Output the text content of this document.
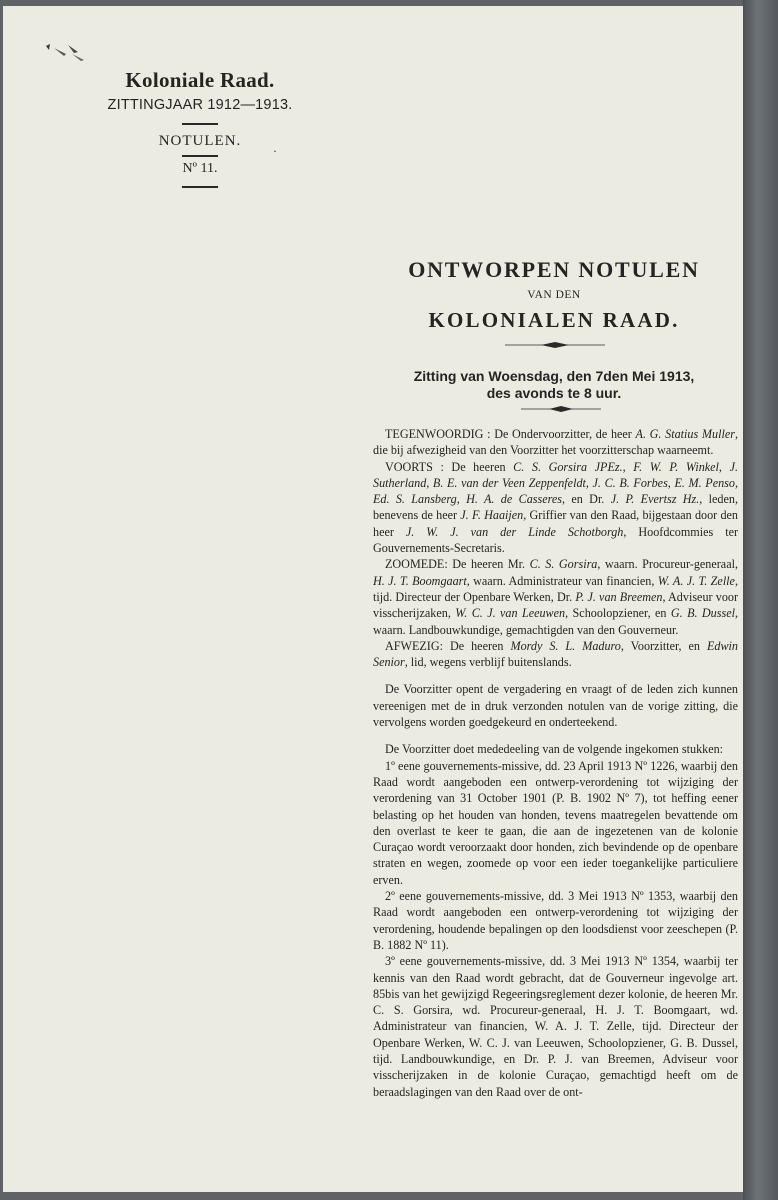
Koloniale Raad.
ZITTINGJAAR 1912—1913.
NOTULEN.
·
Nº 11.
ONTWORPEN NOTULEN
VAN DEN
KOLONIALEN RAAD.
Zitting van Woensdag, den 7den Mei 1913,
des avonds te 8 uur.

TEGENWOORDIG : De Ondervoorzitter, de heer A. G. Statius Muller, die bij afwezigheid van den Voorzitter het voorzitterschap waarneemt.

VOORTS : De heeren C. S. Gorsira JPEz., F. W. P. Winkel, J. Sutherland, B. E. van der Veen Zeppenfeldt, J. C. B. Forbes, E. M. Penso, Ed. S. Lansberg, H. A. de Casseres, en Dr. J. P. Evertsz Hz., leden, benevens de heer J. F. Haaijen, Griffier van den Raad, bijgestaan door den heer J. W. J. van der Linde Schotborgh, Hoofdcommies ter Gouvernements-Secretaris.

ZOOMEDE: De heeren Mr. C. S. Gorsira, waarn. Procureur-generaal, H. J. T. Boomgaart, waarn. Administrateur van financien, W. A. J. T. Zelle, tijd. Directeur der Openbare Werken, Dr. P. J. van Breemen, Adviseur voor visscherijzaken, W. C. J. van Leeuwen, Schoolopziener, en G. B. Dussel, waarn. Landbouwkundige, gemachtigden van den Gouverneur.

AFWEZIG: De heeren Mordy S. L. Maduro, Voorzitter, en Edwin Senior, lid, wegens verblijf buitenslands.

De Voorzitter opent de vergadering en vraagt of de leden zich kunnen vereenigen met de in druk verzonden notulen van de vorige zitting, die vervolgens worden goedgekeurd en onderteekend.

De Voorzitter doet mededeeling van de volgende ingekomen stukken:

1º eene gouvernements-missive, dd. 23 April 1913 Nº 1226, waarbij den Raad wordt aangeboden een ontwerp-verordening tot wijziging der verordening van 31 October 1901 (P. B. 1902 Nº 7), tot heffing eener belasting op het houden van honden, tevens maatregelen bevattende om den overlast te keer te gaan, die aan de ingezetenen van de kolonie Curaçao wordt veroorzaakt door honden, zich bevindende op de openbare straten en wegen, zoomede op voor een ieder toegankelijke particuliere erven.

2º eene gouvernements-missive, dd. 3 Mei 1913 Nº 1353, waarbij den Raad wordt aangeboden een ontwerp-verordening tot wijziging der verordening, houdende bepalingen op den loodsdienst voor zeeschepen (P. B. 1882 Nº 11).

3º eene gouvernements-missive, dd. 3 Mei 1913 Nº 1354, waarbij ter kennis van den Raad wordt gebracht, dat de Gouverneur ingevolge art. 85bis van het gewijzigd Regeeringsreglement dezer kolonie, de heeren Mr. C. S. Gorsira, wd. Procureur-generaal, H. J. T. Boomgaart, wd. Administrateur van financien, W. A. J. T. Zelle, tijd. Directeur der Openbare Werken, W. C. J. van Leeuwen, Schoolopziener, G. B. Dussel, tijd. Landbouwkundige, en Dr. P. J. van Breemen, Adviseur voor visscherijzaken in de kolonie Curaçao, gemachtigd heeft om de beraadslagingen van den Raad over de ont-
